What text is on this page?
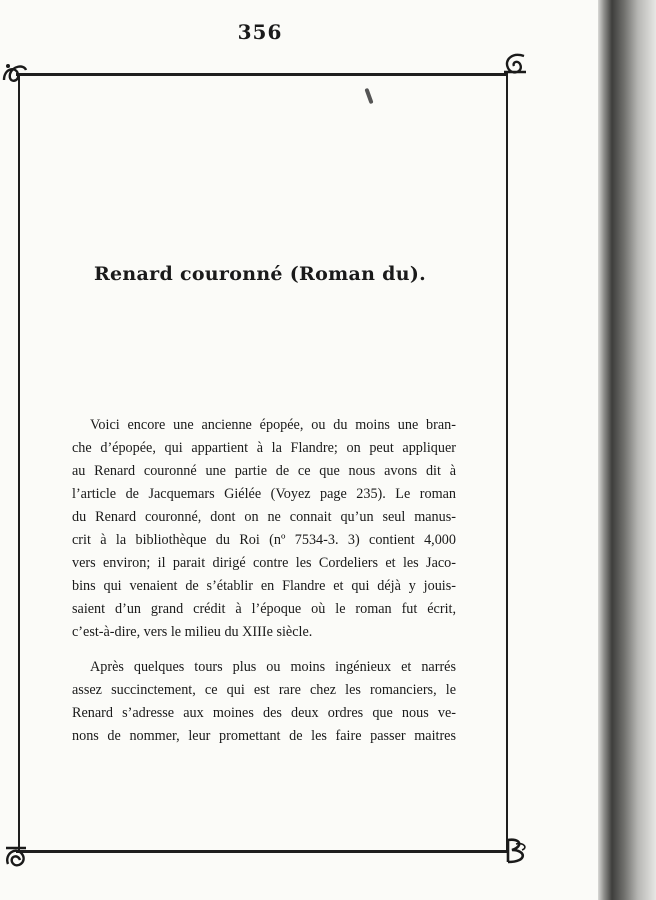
356
Renard couronné (Roman du).

Voici encore une ancienne épopée, ou du moins une bran-
che d’épopée, qui appartient à la Flandre; on peut appliquer
au Renard couronné une partie de ce que nous avons dit à
l’article de Jacquemars Giélée (Voyez page 235). Le roman
du Renard couronné, dont on ne connait qu’un seul manus-
crit à la bibliothèque du Roi (nº 7534-3. 3) contient 4,000
vers environ; il parait dirigé contre les Cordeliers et les Jaco-
bins qui venaient de s’établir en Flandre et qui déjà y jouis-
saient d’un grand crédit à l’époque où le roman fut écrit,
c’est-à-dire, vers le milieu du XIIIe siècle.

Après quelques tours plus ou moins ingénieux et narrés
assez succinctement, ce qui est rare chez les romanciers, le
Renard s’adresse aux moines des deux ordres que nous ve-
nons de nommer, leur promettant de les faire passer maitres
